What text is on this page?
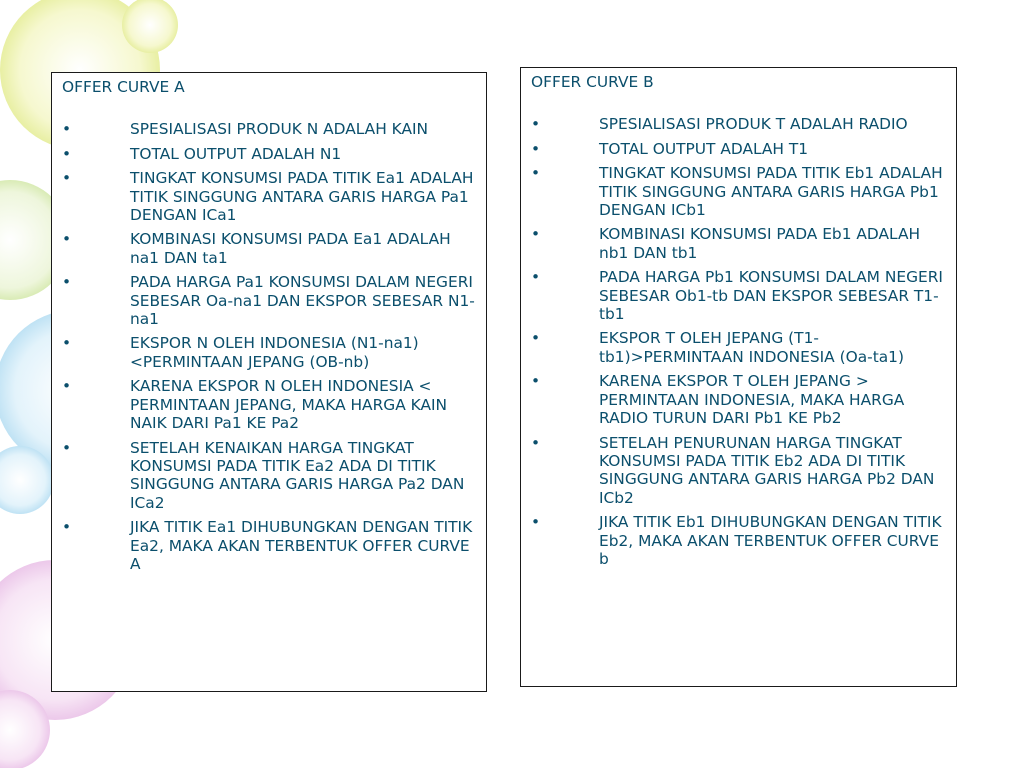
OFFER CURVE A
•	SPESIALISASI PRODUK N ADALAH KAIN
•	TOTAL OUTPUT ADALAH N1
•	TINGKAT KONSUMSI PADA TITIK Ea1 ADALAH TITIK SINGGUNG ANTARA GARIS HARGA Pa1 DENGAN ICa1
•	KOMBINASI KONSUMSI PADA Ea1 ADALAH na1 DAN ta1
•	PADA HARGA Pa1 KONSUMSI DALAM NEGERI SEBESAR Oa-na1 DAN EKSPOR SEBESAR N1-na1
•	EKSPOR N OLEH INDONESIA (N1-na1)<PERMINTAAN JEPANG (OB-nb)
•	KARENA EKSPOR N OLEH INDONESIA < PERMINTAAN JEPANG, MAKA HARGA KAIN NAIK DARI Pa1 KE Pa2
•	SETELAH KENAIKAN HARGA TINGKAT KONSUMSI PADA TITIK Ea2 ADA DI TITIK SINGGUNG ANTARA GARIS HARGA Pa2 DAN ICa2
•	JIKA TITIK Ea1 DIHUBUNGKAN DENGAN TITIK Ea2, MAKA AKAN TERBENTUK OFFER CURVE A
OFFER CURVE B
•	SPESIALISASI PRODUK T ADALAH RADIO
•	TOTAL OUTPUT ADALAH T1
•	TINGKAT KONSUMSI PADA TITIK Eb1 ADALAH TITIK SINGGUNG ANTARA GARIS HARGA Pb1 DENGAN ICb1
•	KOMBINASI KONSUMSI PADA Eb1 ADALAH nb1 DAN tb1
•	PADA HARGA Pb1 KONSUMSI DALAM NEGERI SEBESAR Ob1-tb DAN EKSPOR SEBESAR T1-tb1
•	EKSPOR T OLEH JEPANG (T1-tb1)>PERMINTAAN INDONESIA (Oa-ta1)
•	KARENA EKSPOR T OLEH JEPANG > PERMINTAAN INDONESIA, MAKA HARGA RADIO TURUN DARI Pb1 KE Pb2
•	SETELAH PENURUNAN HARGA TINGKAT KONSUMSI PADA TITIK Eb2 ADA DI TITIK SINGGUNG ANTARA GARIS HARGA Pb2 DAN ICb2
•	JIKA TITIK Eb1 DIHUBUNGKAN DENGAN TITIK Eb2, MAKA AKAN TERBENTUK OFFER CURVE b
